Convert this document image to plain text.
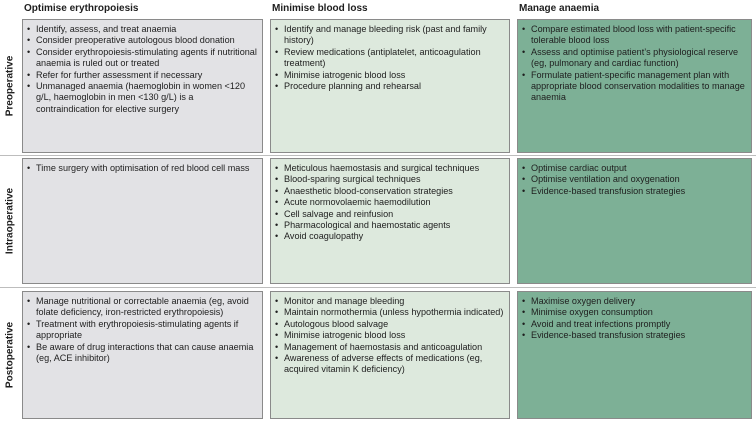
Optimise erythropoiesis	Minimise blood loss	Manage anaemia
Preoperative
Intraoperative
Postoperative
• Identify, assess, and treat anaemia
• Consider preoperative autologous blood donation
• Consider erythropoiesis-stimulating agents if nutritional anaemia is ruled out or treated
• Refer for further assessment if necessary
• Unmanaged anaemia (haemoglobin in women <120 g/L, haemoglobin in men <130 g/L) is a contraindication for elective surgery
• Identify and manage bleeding risk (past and family history)
• Review medications (antiplatelet, anticoagulation treatment)
• Minimise iatrogenic blood loss
• Procedure planning and rehearsal
• Compare estimated blood loss with patient-specific tolerable blood loss
• Assess and optimise patient’s physiological reserve (eg, pulmonary and cardiac function)
• Formulate patient-specific management plan with appropriate blood conservation modalities to manage anaemia
• Time surgery with optimisation of red blood cell mass
•	Meticulous haemostasis and surgical techniques
• Blood-sparing surgical techniques
• Anaesthetic blood-conservation strategies
• Acute normovolaemic haemodilution
• Cell salvage and reinfusion
• Pharmacological and haemostatic agents
• Avoid coagulopathy
• Optimise cardiac output
• Optimise ventilation and oxygenation
• Evidence-based transfusion strategies
• Manage nutritional or correctable anaemia (eg, avoid folate deficiency, iron-restricted erythropoiesis)
• Treatment with erythropoiesis-stimulating agents if appropriate
• Be aware of drug interactions that can cause anaemia (eg, ACE inhibitor)
• Monitor and manage bleeding
• Maintain normothermia (unless hypothermia indicated)
• Autologous blood salvage
• Minimise iatrogenic blood loss
• Management of haemostasis and anticoagulation
• Awareness of adverse effects of medications (eg, acquired vitamin K deficiency)
• Maximise oxygen delivery
• Minimise oxygen consumption
• Avoid and treat infections promptly
• Evidence-based transfusion strategies
